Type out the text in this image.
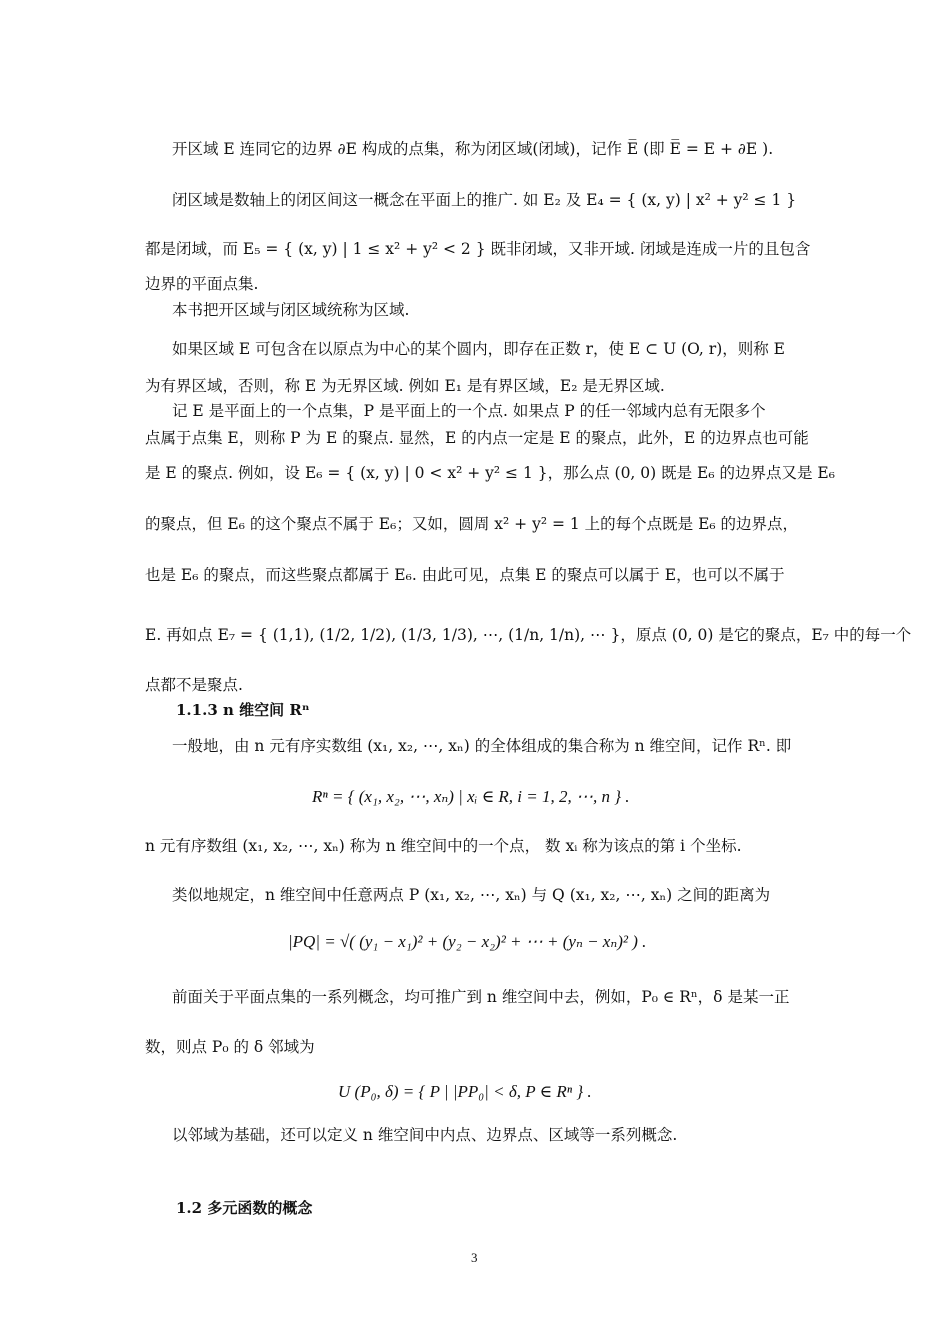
开区域 E 连同它的边界 ∂E 构成的点集，称为闭区域(闭域)，记作 E̅ (即 E̅ = E + ∂E ).
闭区域是数轴上的闭区间这一概念在平面上的推广. 如 E₂ 及 E₄ = { (x, y) | x² + y² ≤ 1 }
都是闭域，而 E₅ = { (x, y) | 1 ≤ x² + y² < 2 } 既非闭域，又非开域. 闭域是连成一片的且包含
边界的平面点集.
本书把开区域与闭区域统称为区域.
如果区域 E 可包含在以原点为中心的某个圆内，即存在正数 r，使 E ⊂ U (O, r)，则称 E
为有界区域，否则，称 E 为无界区域. 例如 E₁ 是有界区域，E₂ 是无界区域.
记 E 是平面上的一个点集，P 是平面上的一个点. 如果点 P 的任一邻域内总有无限多个
点属于点集 E，则称 P 为 E 的聚点. 显然，E 的内点一定是 E 的聚点，此外，E 的边界点也可能
是 E 的聚点. 例如，设 E₆ = { (x, y) | 0 < x² + y² ≤ 1 }，那么点 (0, 0) 既是 E₆ 的边界点又是 E₆
的聚点，但 E₆ 的这个聚点不属于 E₆；又如，圆周 x² + y² = 1 上的每个点既是 E₆ 的边界点，
也是 E₆ 的聚点，而这些聚点都属于 E₆. 由此可见，点集 E 的聚点可以属于 E，也可以不属于
E. 再如点 E₇ = { (1,1), (1/2, 1/2), (1/3, 1/3), ⋯, (1/n, 1/n), ⋯ }，原点 (0, 0) 是它的聚点，E₇ 中的每一个
点都不是聚点.
1.1.3 n 维空间 Rⁿ
一般地，由 n 元有序实数组 (x₁, x₂, ⋯, xₙ) 的全体组成的集合称为 n 维空间，记作 Rⁿ. 即
Rⁿ = { (x₁, x₂, ⋯, xₙ) | xᵢ ∈ R, i = 1, 2, ⋯, n } .
n 元有序数组 (x₁, x₂, ⋯, xₙ) 称为 n 维空间中的一个点， 数 xᵢ 称为该点的第 i 个坐标.
类似地规定，n 维空间中任意两点 P (x₁, x₂, ⋯, xₙ) 与 Q (x₁, x₂, ⋯, xₙ) 之间的距离为
|PQ| = √( (y₁ − x₁)² + (y₂ − x₂)² + ⋯ + (yₙ − xₙ)² ) .
前面关于平面点集的一系列概念，均可推广到 n 维空间中去，例如，P₀ ∈ Rⁿ，δ 是某一正
数，则点 P₀ 的 δ 邻域为
U (P₀, δ) = { P | |PP₀| < δ, P ∈ Rⁿ } .
以邻域为基础，还可以定义 n 维空间中内点、边界点、区域等一系列概念.
1.2 多元函数的概念
3
